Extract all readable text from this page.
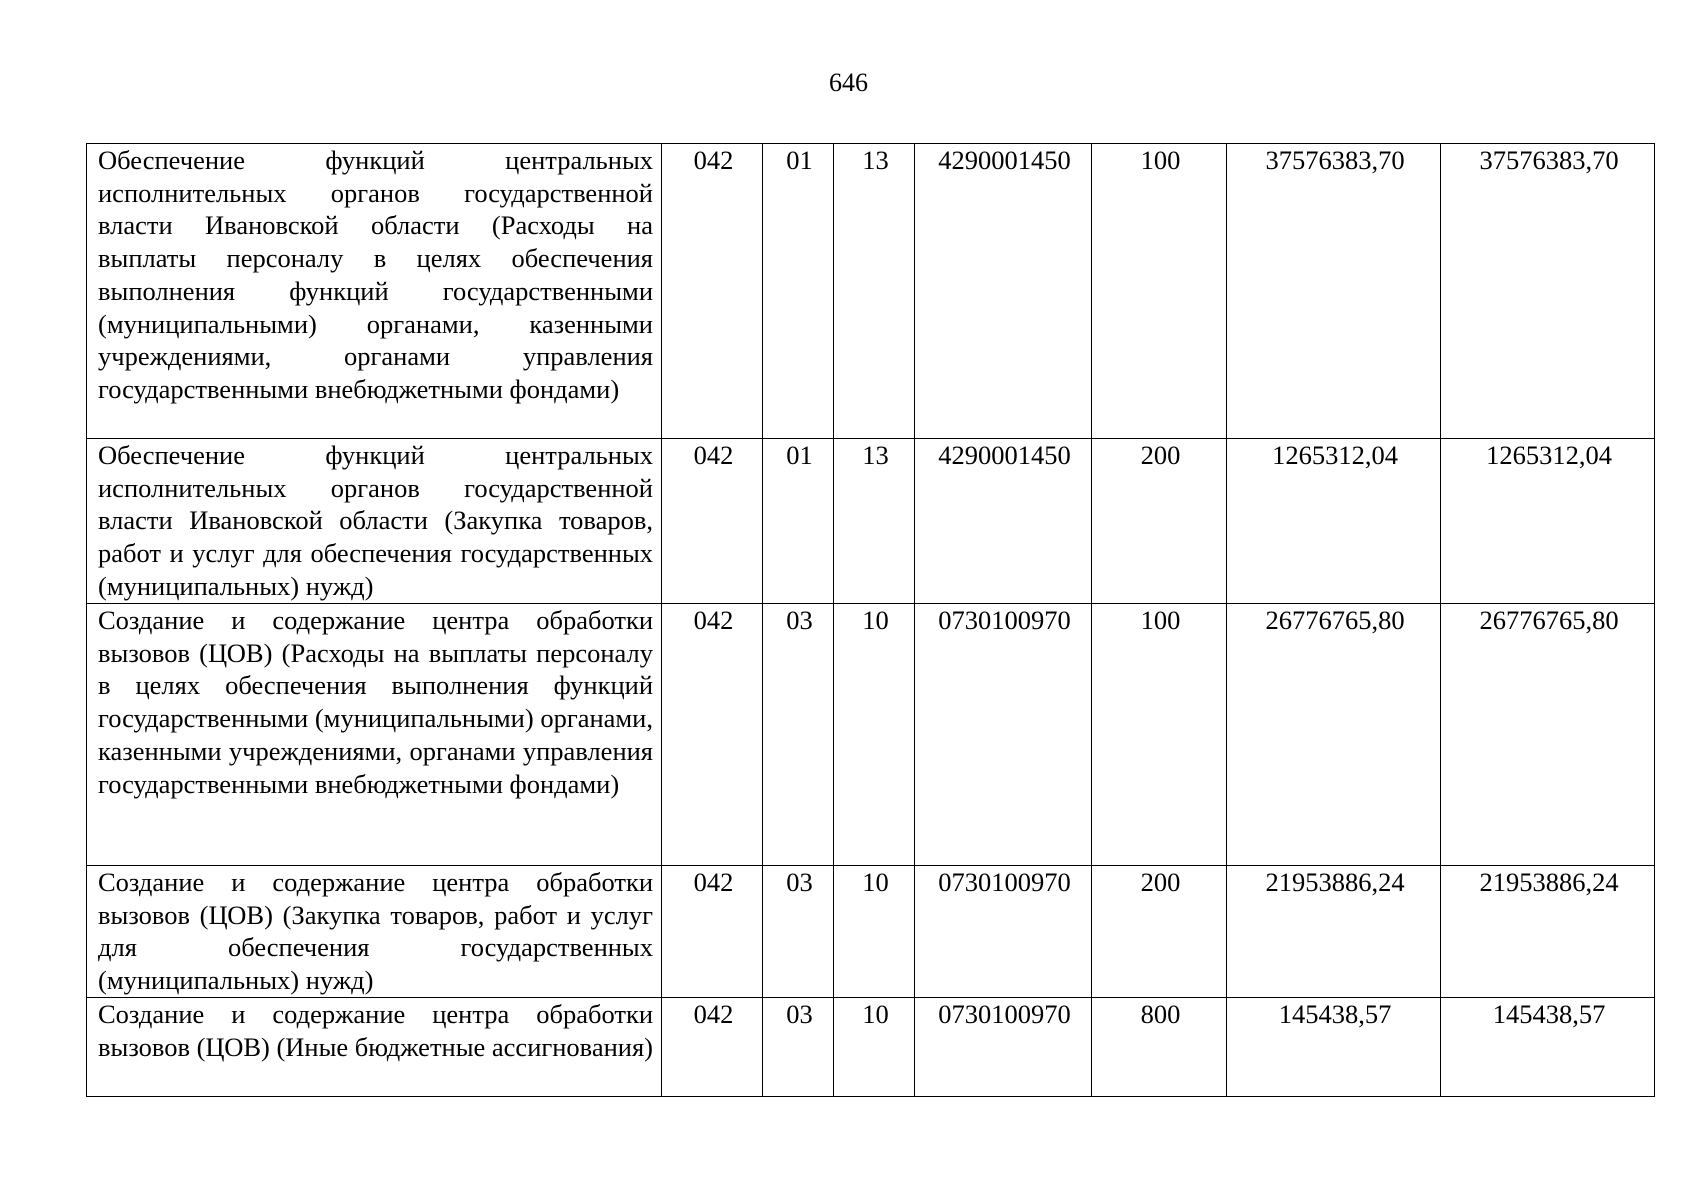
646
Обеспечение функций центральных исполнительных органов государственной власти Ивановской области (Расходы на выплаты персоналу в целях обеспечения выполнения функций государственными (муниципальными) органами, казенными учреждениями, органами управления государственными внебюджетными фондами)	042	01	13	4290001450	100	37576383,70	37576383,70
Обеспечение функций центральных исполнительных органов государственной власти Ивановской области (Закупка товаров, работ и услуг для обеспечения государственных (муниципальных) нужд)	042	01	13	4290001450	200	1265312,04	1265312,04
Создание и содержание центра обработки вызовов (ЦОВ) (Расходы на выплаты персоналу в целях обеспечения выполнения функций государственными (муниципальными) органами, казенными учреждениями, органами управления государственными внебюджетными фондами)	042	03	10	0730100970	100	26776765,80	26776765,80
Создание и содержание центра обработки вызовов (ЦОВ) (Закупка товаров, работ и услуг для обеспечения государственных (муниципальных) нужд)	042	03	10	0730100970	200	21953886,24	21953886,24
Создание и содержание центра обработки вызовов (ЦОВ) (Иные бюджетные ассигнования)	042	03	10	0730100970	800	145438,57	145438,57
